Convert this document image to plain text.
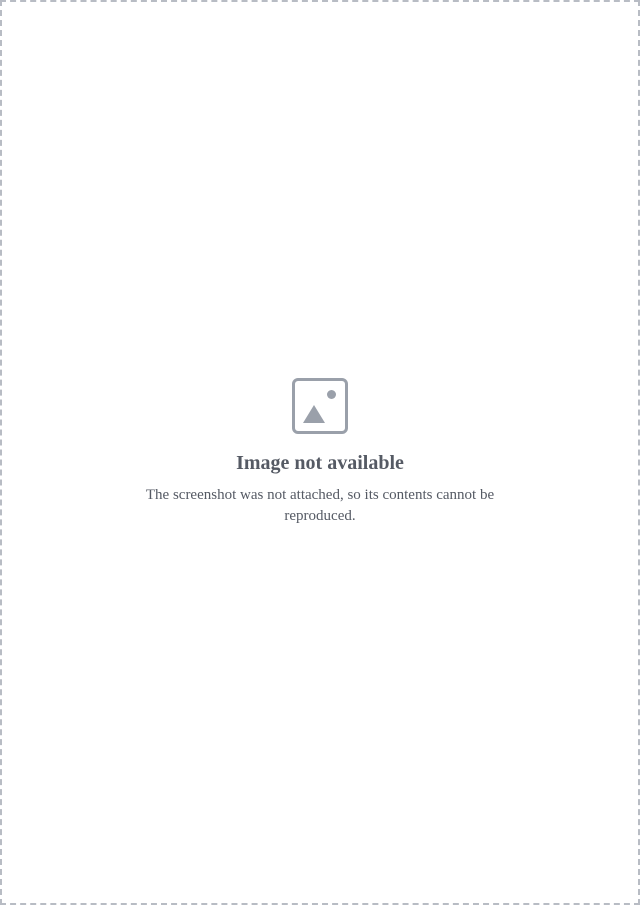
Image not available

The screenshot was not attached, so its contents cannot be reproduced.
